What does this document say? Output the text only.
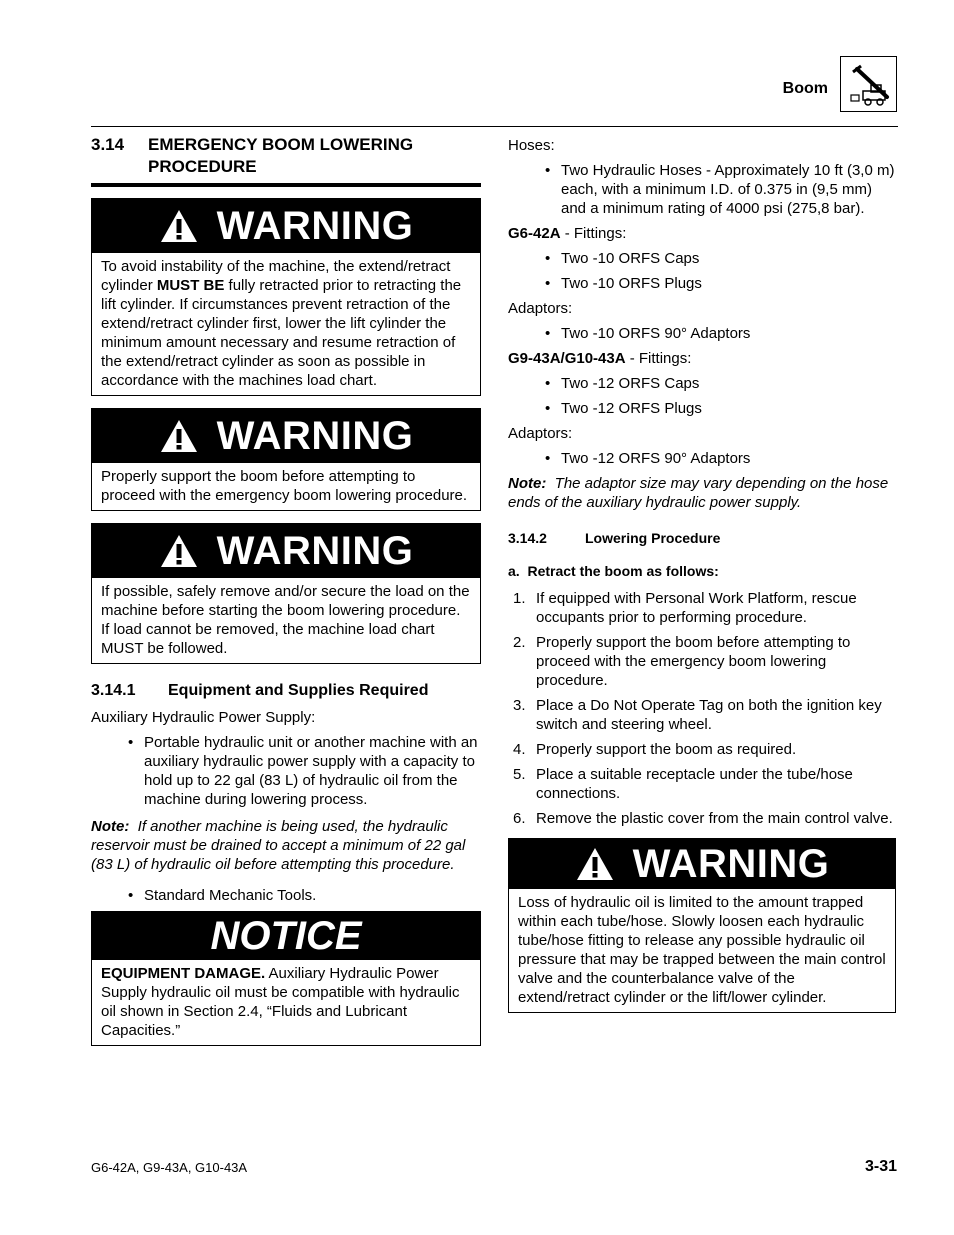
Boom
3.14	EMERGENCY BOOM LOWERING PROCEDURE
WARNING
To avoid instability of the machine, the extend/retract cylinder MUST BE fully retracted prior to retracting the lift cylinder. If circumstances prevent retraction of the extend/retract cylinder first, lower the lift cylinder the minimum amount necessary and resume retraction of the extend/retract cylinder as soon as possible in accordance with the machines load chart.
WARNING
Properly support the boom before attempting to proceed with the emergency boom lowering procedure.
WARNING
If possible, safely remove and/or secure the load on the machine before starting the boom lowering procedure. If load cannot be removed, the machine load chart MUST be followed.
3.14.1	Equipment and Supplies Required

Auxiliary Hydraulic Power Supply:

• Portable hydraulic unit or another machine with an auxiliary hydraulic power supply with a capacity to hold up to 22 gal (83 L) of hydraulic oil from the machine during lowering process.

Note: If another machine is being used, the hydraulic reservoir must be drained to accept a minimum of 22 gal (83 L) of hydraulic oil before attempting this procedure.

• Standard Mechanic Tools.
NOTICE
EQUIPMENT DAMAGE. Auxiliary Hydraulic Power Supply hydraulic oil must be compatible with hydraulic oil shown in Section 2.4, “Fluids and Lubricant Capacities.”

Hoses:

• Two Hydraulic Hoses - Approximately 10 ft (3,0 m) each, with a minimum I.D. of 0.375 in (9,5 mm) and a minimum rating of 4000 psi (275,8 bar).

G6-42A - Fittings:

• Two -10 ORFS Caps
• Two -10 ORFS Plugs

Adaptors:

• Two -10 ORFS 90° Adaptors

G9-43A/G10-43A - Fittings:

• Two -12 ORFS Caps
• Two -12 ORFS Plugs

Adaptors:

• Two -12 ORFS 90° Adaptors

Note: The adaptor size may vary depending on the hose ends of the auxiliary hydraulic power supply.

3.14.2	Lowering Procedure

a.  Retract the boom as follows:

1. If equipped with Personal Work Platform, rescue occupants prior to performing procedure.
2. Properly support the boom before attempting to proceed with the emergency boom lowering procedure.
3. Place a Do Not Operate Tag on both the ignition key switch and steering wheel.
4. Properly support the boom as required.
5. Place a suitable receptacle under the tube/hose connections.
6. Remove the plastic cover from the main control valve.
WARNING
Loss of hydraulic oil is limited to the amount trapped within each tube/hose. Slowly loosen each hydraulic tube/hose fitting to release any possible hydraulic oil pressure that may be trapped between the main control valve and the counterbalance valve of the extend/retract cylinder or the lift/lower cylinder.
G6-42A, G9-43A, G10-43A	3-31
